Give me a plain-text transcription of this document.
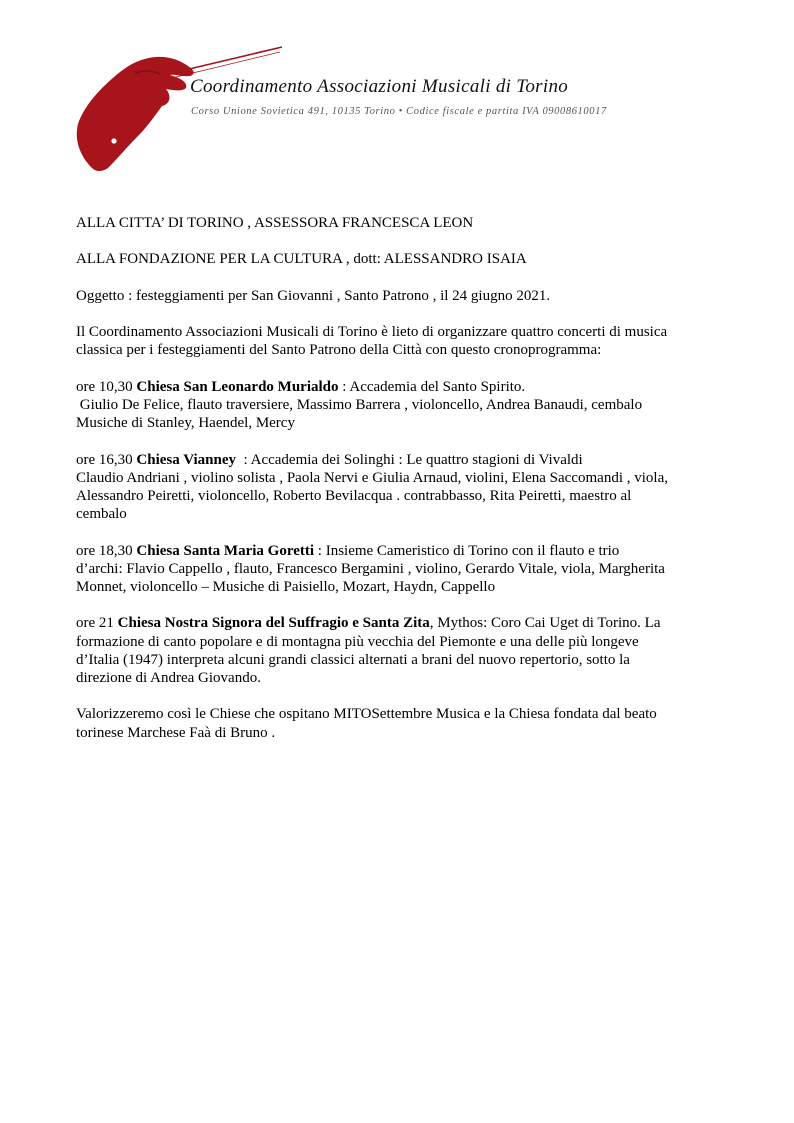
Coordinamento Associazioni Musicali di Torino
Corso Unione Sovietica 491, 10135 Torino • Codice fiscale e partita IVA 09008610017

ALLA CITTA’ DI TORINO , ASSESSORA FRANCESCA LEON

ALLA FONDAZIONE PER LA CULTURA , dott: ALESSANDRO ISAIA

Oggetto : festeggiamenti per San Giovanni , Santo Patrono , il 24 giugno 2021.

Il Coordinamento Associazioni Musicali di Torino è lieto di organizzare quattro concerti di musica
classica per i festeggiamenti del Santo Patrono della Città con questo cronoprogramma:

ore 10,30 Chiesa San Leonardo Murialdo : Accademia del Santo Spirito.
Giulio De Felice, flauto traversiere, Massimo Barrera , violoncello, Andrea Banaudi, cembalo
Musiche di Stanley, Haendel, Mercy

ore 16,30 Chiesa Vianney  : Accademia dei Solinghi : Le quattro stagioni di Vivaldi
Claudio Andriani , violino solista , Paola Nervi e Giulia Arnaud, violini, Elena Saccomandi , viola,
Alessandro Peiretti, violoncello, Roberto Bevilacqua . contrabbasso, Rita Peiretti, maestro al
cembalo

ore 18,30 Chiesa Santa Maria Goretti : Insieme Cameristico di Torino con il flauto e trio
d’archi: Flavio Cappello , flauto, Francesco Bergamini , violino, Gerardo Vitale, viola, Margherita
Monnet, violoncello – Musiche di Paisiello, Mozart, Haydn, Cappello

ore 21 Chiesa Nostra Signora del Suffragio e Santa Zita, Mythos: Coro Cai Uget di Torino. La
formazione di canto popolare e di montagna più vecchia del Piemonte e una delle più longeve
d’Italia (1947) interpreta alcuni grandi classici alternati a brani del nuovo repertorio, sotto la
direzione di Andrea Giovando.

Valorizzeremo così le Chiese che ospitano MITOSettembre Musica e la Chiesa fondata dal beato
torinese Marchese Faà di Bruno .
